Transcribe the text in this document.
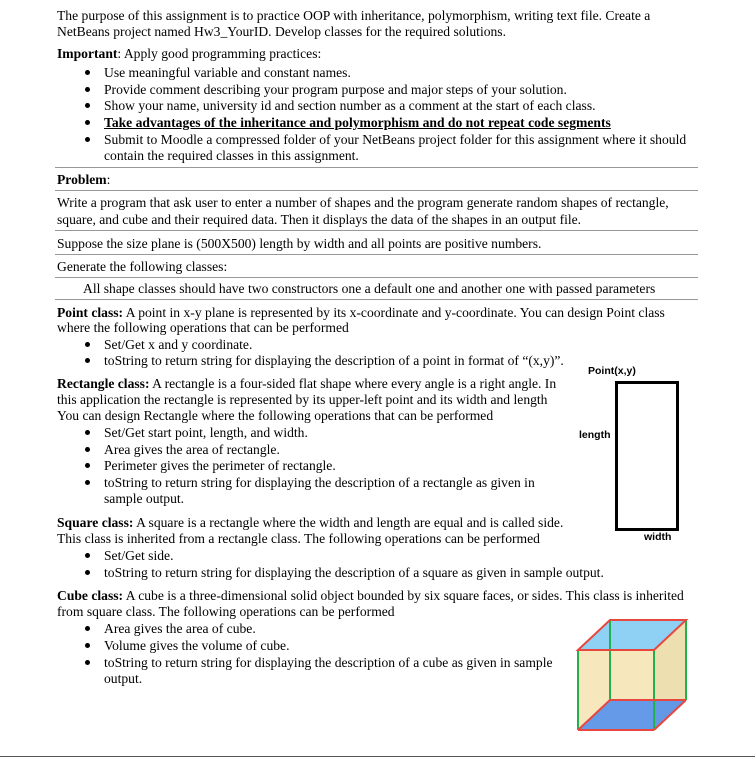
The purpose of this assignment is to practice OOP with inheritance, polymorphism, writing text file. Create a
NetBeans project named Hw3_YourID. Develop classes for the required solutions.
Important: Apply good programming practices:
Use meaningful variable and constant names.
Provide comment describing your program purpose and major steps of your solution.
Show your name, university id and section number as a comment at the start of each class.
Take advantages of the inheritance and polymorphism and do not repeat code segments
Submit to Moodle a compressed folder of your NetBeans project folder for this assignment where it should
contain the required classes in this assignment.
Problem:
Write a program that ask user to enter a number of shapes and the program generate random shapes of rectangle,
square, and cube and their required data. Then it displays the data of the shapes in an output file.
Suppose the size plane is (500X500) length by width and all points are positive numbers.
Generate the following classes:
All shape classes should have two constructors one a default one and another one with passed parameters
Point class: A point in x-y plane is represented by its x-coordinate and y-coordinate. You can design Point class
where the following operations that can be performed
Set/Get x and y coordinate.
toString to return string for displaying the description of a point in format of “(x,y)”.
Rectangle class: A rectangle is a four-sided flat shape where every angle is a right angle. In
this application the rectangle is represented by its upper-left point and its width and length
You can design Rectangle where the following operations that can be performed
Set/Get start point, length, and width.
Area gives the area of rectangle.
Perimeter gives the perimeter of rectangle.
toString to return string for displaying the description of a rectangle as given in
sample output.
Square class: A square is a rectangle where the width and length are equal and is called side.
This class is inherited from a rectangle class. The following operations can be performed
Set/Get side.
toString to return string for displaying the description of a square as given in sample output.
Cube class: A cube is a three-dimensional solid object bounded by six square faces, or sides. This class is inherited
from square class. The following operations can be performed
Area gives the area of cube.
Volume gives the volume of cube.
toString to return string for displaying the description of a cube as given in sample
output.
Point(x,y)
length
width
